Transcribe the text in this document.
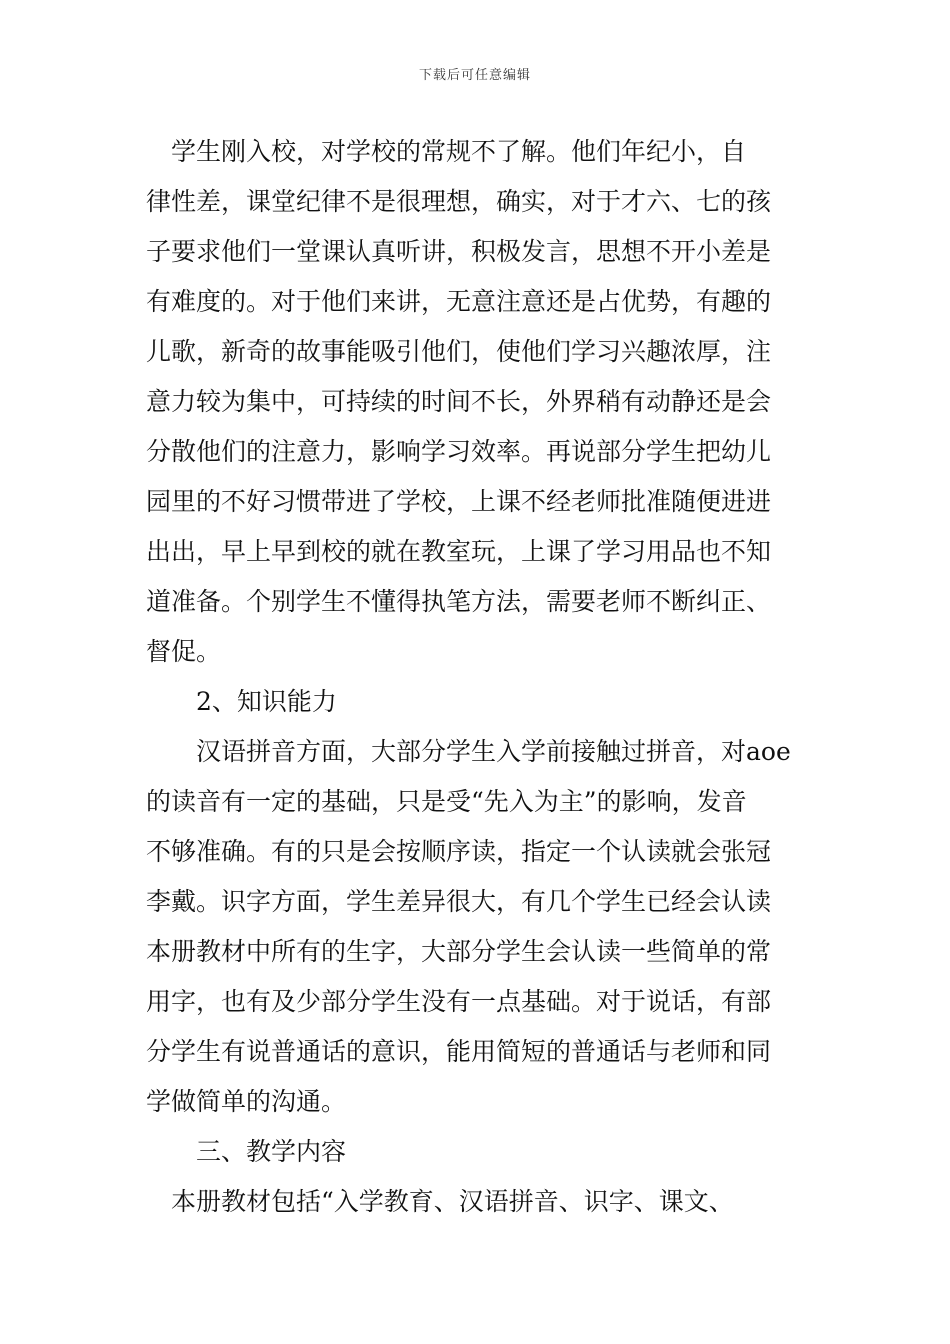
下载后可任意编辑
　学生刚入校，对学校的常规不了解。他们年纪小，自
律性差，课堂纪律不是很理想，确实，对于才六、七的孩
子要求他们一堂课认真听讲，积极发言，思想不开小差是
有难度的。对于他们来讲，无意注意还是占优势，有趣的
儿歌，新奇的故事能吸引他们，使他们学习兴趣浓厚，注
意力较为集中，可持续的时间不长，外界稍有动静还是会
分散他们的注意力，影响学习效率。再说部分学生把幼儿
园里的不好习惯带进了学校，上课不经老师批准随便进进
出出，早上早到校的就在教室玩，上课了学习用品也不知
道准备。个别学生不懂得执笔方法，需要老师不断纠正、
督促。
　　2、知识能力
　　汉语拼音方面，大部分学生入学前接触过拼音，对aoe
的读音有一定的基础，只是受“先入为主”的影响，发音
不够准确。有的只是会按顺序读，指定一个认读就会张冠
李戴。识字方面，学生差异很大，有几个学生已经会认读
本册教材中所有的生字，大部分学生会认读一些简单的常
用字，也有及少部分学生没有一点基础。对于说话，有部
分学生有说普通话的意识，能用简短的普通话与老师和同
学做简单的沟通。
　　三、教学内容
　本册教材包括“入学教育、汉语拼音、识字、课文、
